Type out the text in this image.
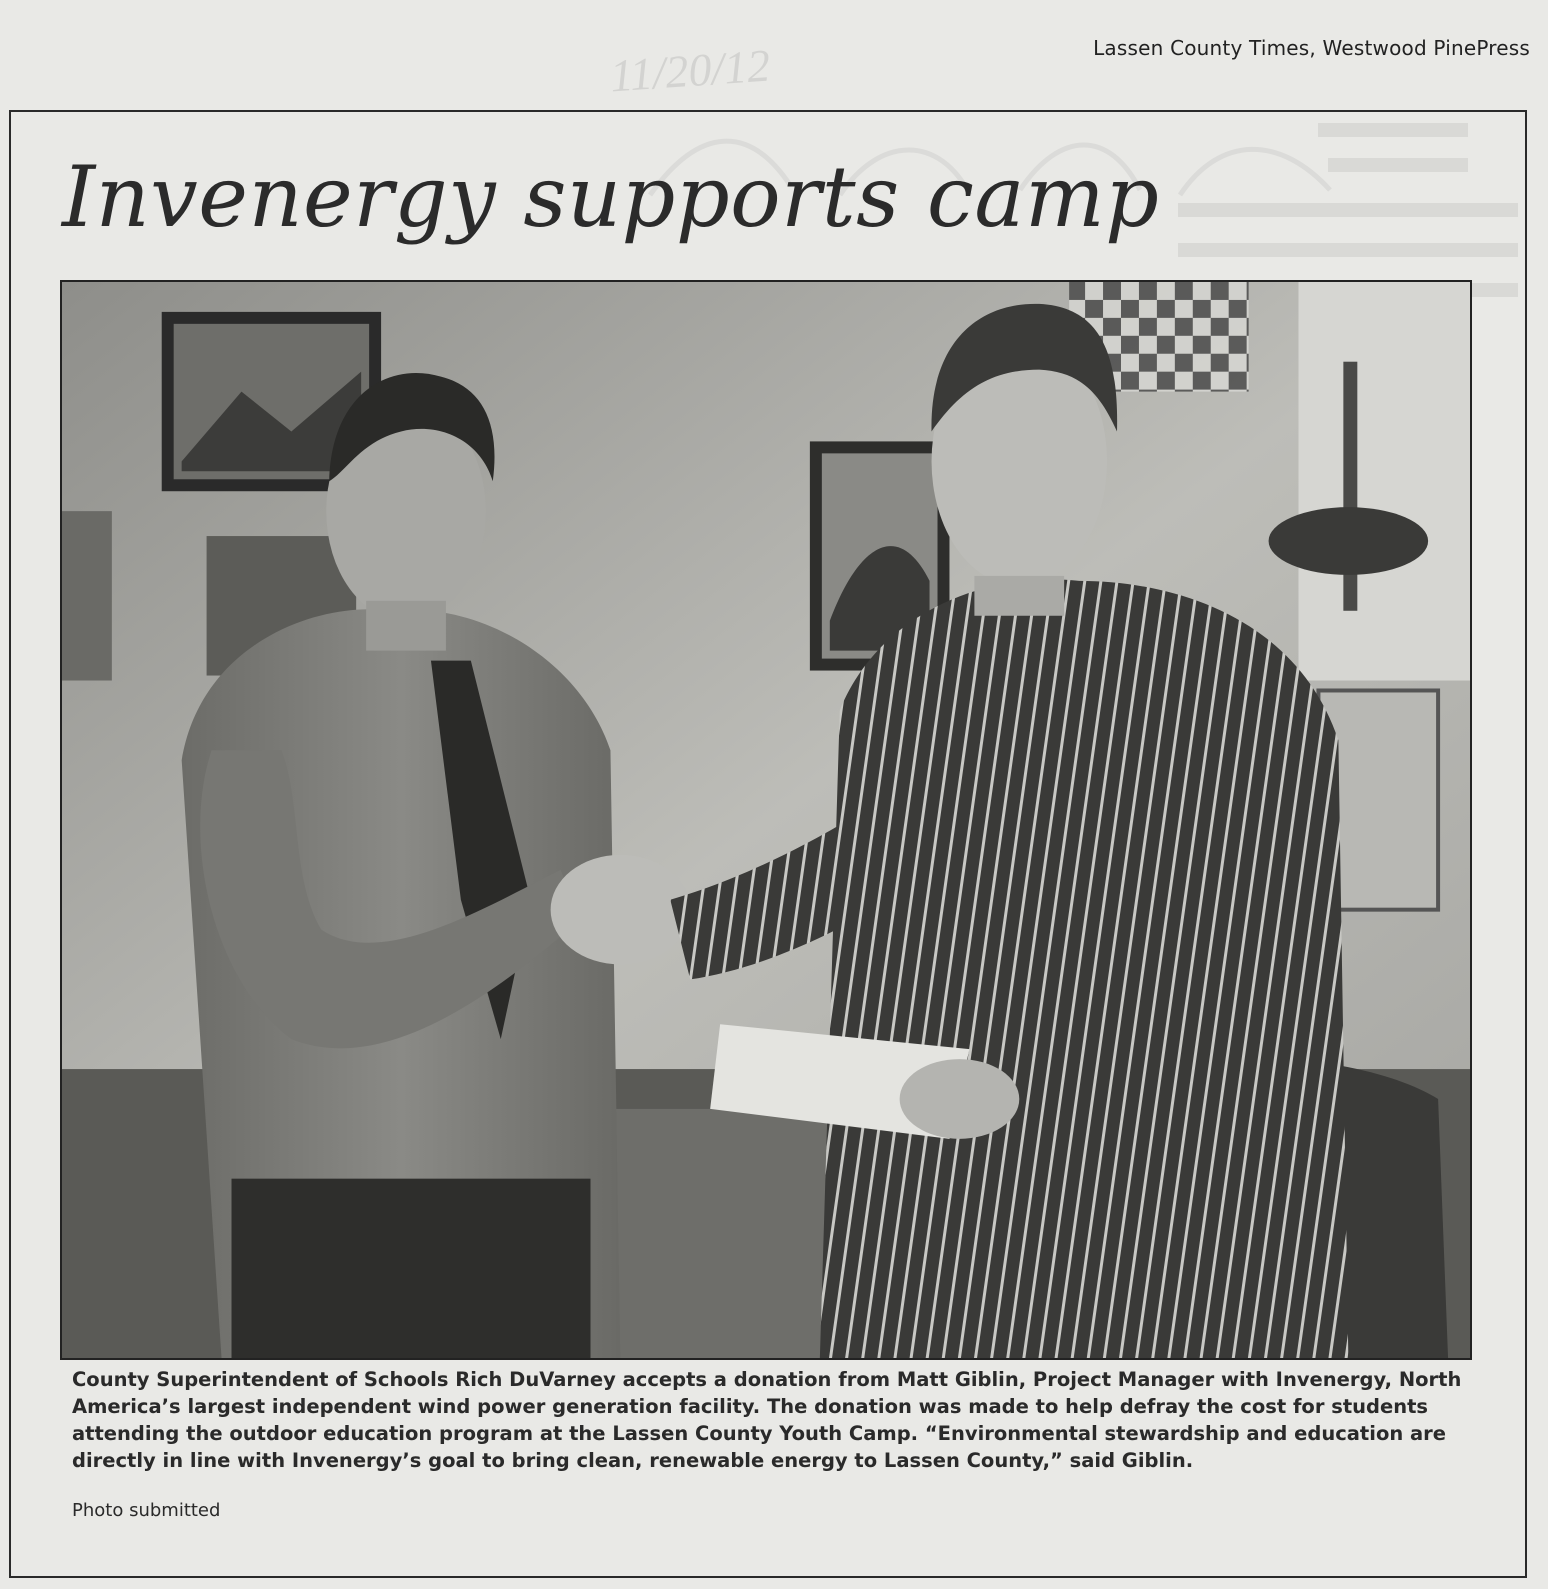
11/20/12	Lassen County Times, Westwood PinePress
Invenergy supports camp

County Superintendent of Schools Rich DuVarney accepts a donation from Matt Giblin, Project Manager with Invenergy, North America’s largest independent wind power generation facility. The donation was made to help defray the cost for students attending the outdoor education program at the Lassen County Youth Camp. “Environmental stewardship and education are directly in line with Invenergy’s goal to bring clean, renewable energy to Lassen County,” said Giblin.

Photo submitted
